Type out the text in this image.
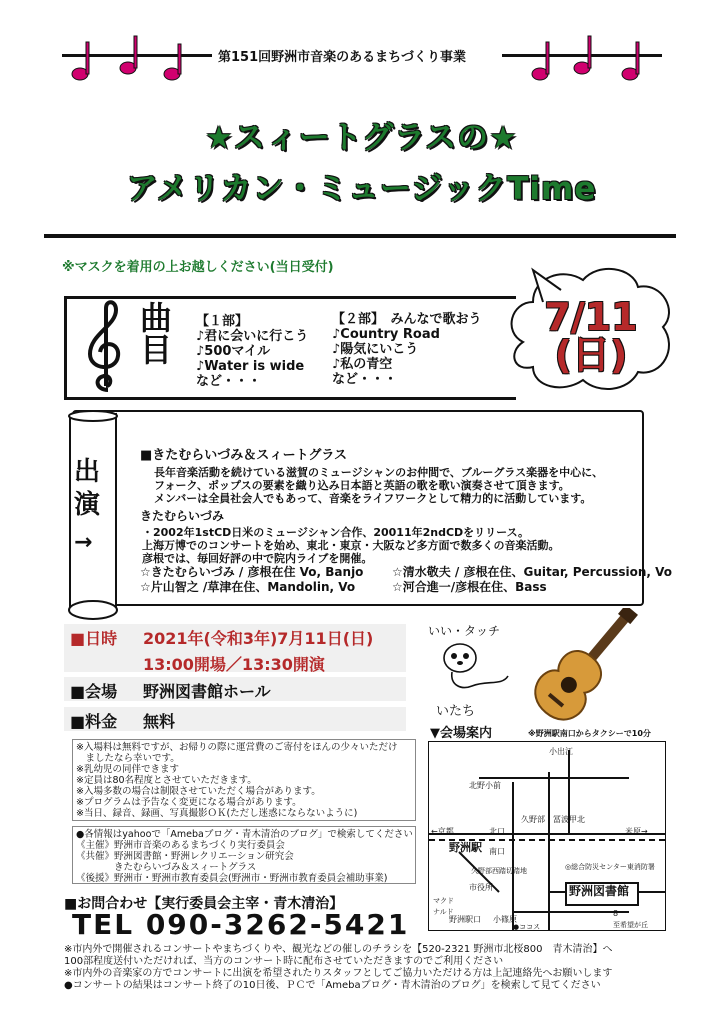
第151回野洲市音楽のあるまちづくり事業
★スィートグラスの★
アメリカン・ミュージックTime
※マスクを着用の上お越しください(当日受付)
曲目
【１部】
♪君に会いに行こう
♪500マイル
♪Water is wide
など・・・
【２部】　みんなで歌おう
♪Country Road
♪陽気にいこう
♪私の青空
など・・・
7/11
(日)
出演
→
■きたむらいづみ＆スィートグラス
長年音楽活動を続けている滋賀のミュージシャンのお仲間で、ブルーグラス楽器を中心に、
フォーク、ポップスの要素を織り込み日本語と英語の歌を歌い演奏させて頂きます。
メンバーは全員社会人でもあって、音楽をライフワークとして精力的に活動しています。
きたむらいづみ
・2002年1stCD日米のミュージシャン合作、20011年2ndCDをリリース。
上海万博でのコンサートを始め、東北・東京・大阪など多方面で数多くの音楽活動。
彦根では、毎回好評の中で院内ライブを開催。
☆きたむらいづみ / 彦根在住 Vo, Banjo ☆清水敬夫 / 彦根在住、Guitar, Percussion, Vo
☆片山智之 /草津在住、Mandolin, Vo	☆河合進一/彦根在住、Bass
■日時 2021年(令和3年)7月11日(日)
13:00開場／13:30開演
■会場 野洲図書館ホール
■料金 無料
いい・タッチ
いたち
※入場料は無料ですが、お帰りの際に運営費のご寄付をほんの少々いただけ
　ましたなら幸いです。
※乳幼児の同伴できます
※定員は80名程度とさせていただきます。
※入場多数の場合は制限させていただく場合があります。
※プログラムは予告なく変更になる場合があります。
※当日、録音、録画、写真撮影ＯＫ(ただし迷惑にならないように)
●各情報はyahooで「Amebaブログ・青木清治のブログ」で検索してください
《主催》野洲市音楽のあるまちづくり実行委員会
《共催》野洲図書館・野洲レクリエーション研究会
　　　　きたむらいづみ＆スィートグラス
《後援》野洲市・野洲市教育委員会(野洲市・野洲市教育委員会補助事業)
■お問合わせ【実行委員会主宰・青木清治】
TEL 090-3262-5421
▼会場案内	※野洲駅南口からタクシーで10分
小出江
北野小前
久野部 冨波甲北
←京都	米原→
北口
野洲駅 南口
久野部西踏切踏地	◎総合防災センター東消防署
市役所	野洲図書館
マクド
ナルド
野洲駅口 小篠原
●ココス
8
至希望が丘
※市内外で開催されるコンサートやまちづくりや、観光などの催しのチラシを【520-2321 野洲市北桜800　青木清治】へ
100部程度送付いただければ、当方のコンサート時に配布させていただきますのでご利用ください
※市内外の音楽家の方でコンサートに出演を希望されたりスタッフとしてご協力いただける方は上記連絡先へお願いします
●コンサートの結果はコンサート終了の10日後、ＰＣで「Amebaブログ・青木清治のブログ」を検索して見てください
